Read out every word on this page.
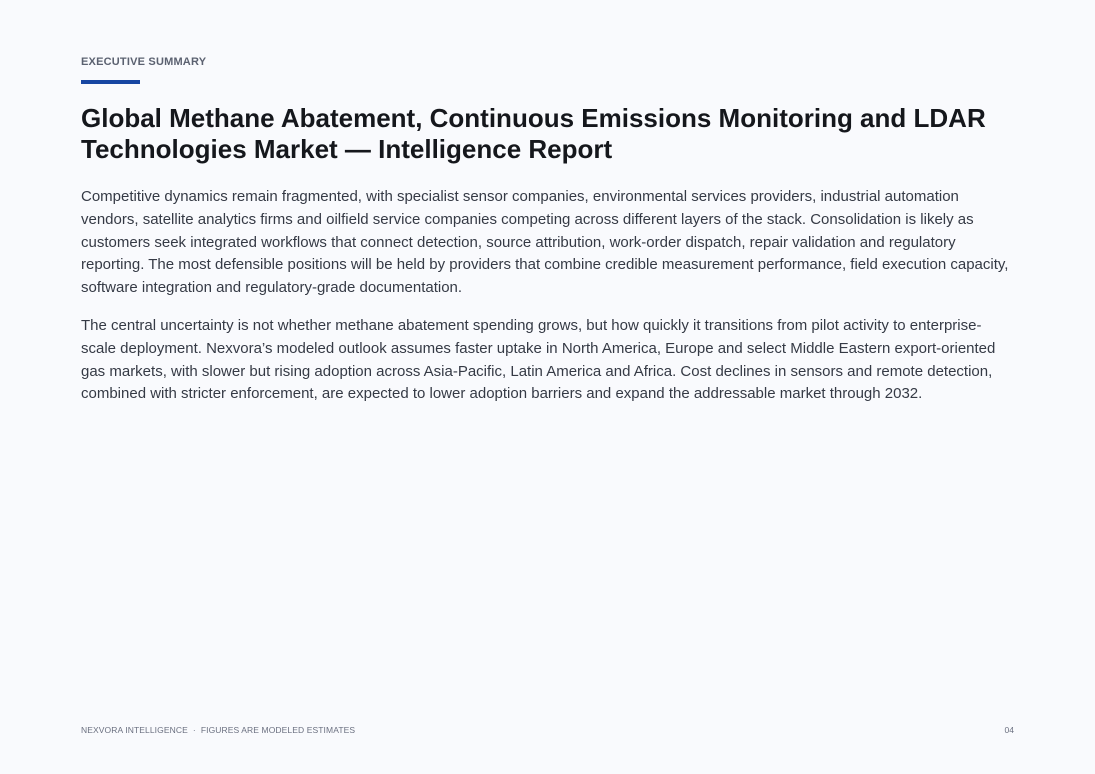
EXECUTIVE SUMMARY
Global Methane Abatement, Continuous Emissions Monitoring and LDAR Technologies Market — Intelligence Report

Competitive dynamics remain fragmented, with specialist sensor companies, environmental services providers, industrial automation vendors, satellite analytics firms and oilfield service companies competing across different layers of the stack. Consolidation is likely as customers seek integrated workflows that connect detection, source attribution, work-order dispatch, repair validation and regulatory reporting. The most defensible positions will be held by providers that combine credible measurement performance, field execution capacity, software integration and regulatory-grade documentation.

The central uncertainty is not whether methane abatement spending grows, but how quickly it transitions from pilot activity to enterprise-scale deployment. Nexvora’s modeled outlook assumes faster uptake in North America, Europe and select Middle Eastern export-oriented gas markets, with slower but rising adoption across Asia-Pacific, Latin America and Africa. Cost declines in sensors and remote detection, combined with stricter enforcement, are expected to lower adoption barriers and expand the addressable market through 2032.

NEXVORA INTELLIGENCE · FIGURES ARE MODELED ESTIMATES	04
